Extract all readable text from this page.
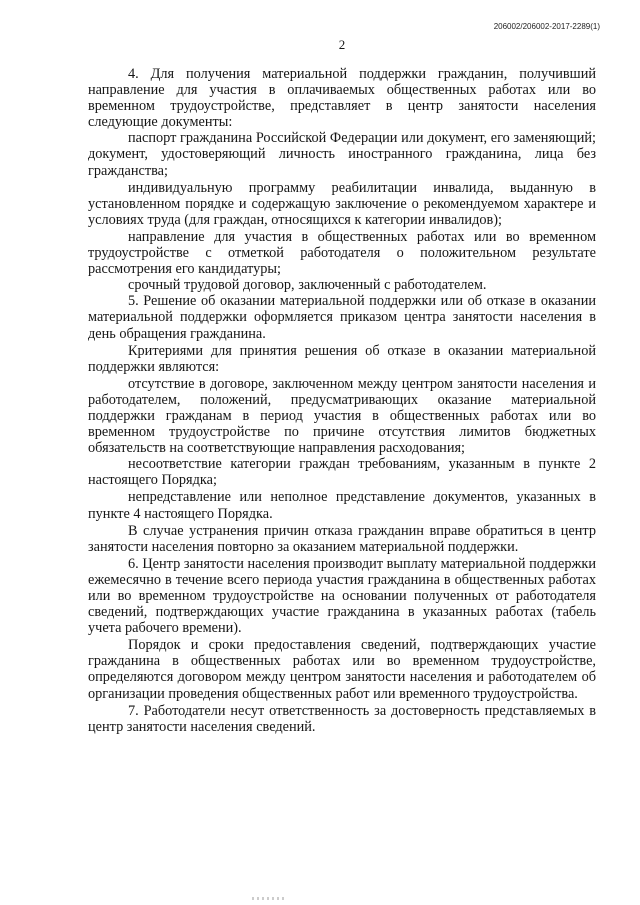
206002/206002-2017-2289(1)
2

4. Для получения материальной поддержки гражданин, получивший направление для участия в оплачиваемых общественных работах или во временном трудоустройстве, представляет в центр занятости населения следующие документы:

паспорт гражданина Российской Федерации или документ, его заменяющий; документ, удостоверяющий личность иностранного гражданина, лица без гражданства;

индивидуальную программу реабилитации инвалида, выданную в установленном порядке и содержащую заключение о рекомендуемом характере и условиях труда (для граждан, относящихся к категории инвалидов);

направление для участия в общественных работах или во временном трудоустройстве с отметкой работодателя о положительном результате рассмотрения его кандидатуры;

срочный трудовой договор, заключенный с работодателем.

5. Решение об оказании материальной поддержки или об отказе в оказании материальной поддержки оформляется приказом центра занятости населения в день обращения гражданина.

Критериями для принятия решения об отказе в оказании материальной поддержки являются:

отсутствие в договоре, заключенном между центром занятости населения и работодателем, положений, предусматривающих оказание материальной поддержки гражданам в период участия в общественных работах или во временном трудоустройстве по причине отсутствия лимитов бюджетных обязательств на соответствующие направления расходования;

несоответствие категории граждан требованиям, указанным в пункте 2 настоящего Порядка;

непредставление или неполное представление документов, указанных в пункте 4 настоящего Порядка.

В случае устранения причин отказа гражданин вправе обратиться в центр занятости населения повторно за оказанием материальной поддержки.

6. Центр занятости населения производит выплату материальной поддержки ежемесячно в течение всего периода участия гражданина в общественных работах или во временном трудоустройстве на основании полученных от работодателя сведений, подтверждающих участие гражданина в указанных работах (табель учета рабочего времени).

Порядок и сроки предоставления сведений, подтверждающих участие гражданина в общественных работах или во временном трудоустройстве, определяются договором между центром занятости населения и работодателем об организации проведения общественных работ или временного трудоустройства.

7. Работодатели несут ответственность за достоверность представляемых в центр занятости населения сведений.
